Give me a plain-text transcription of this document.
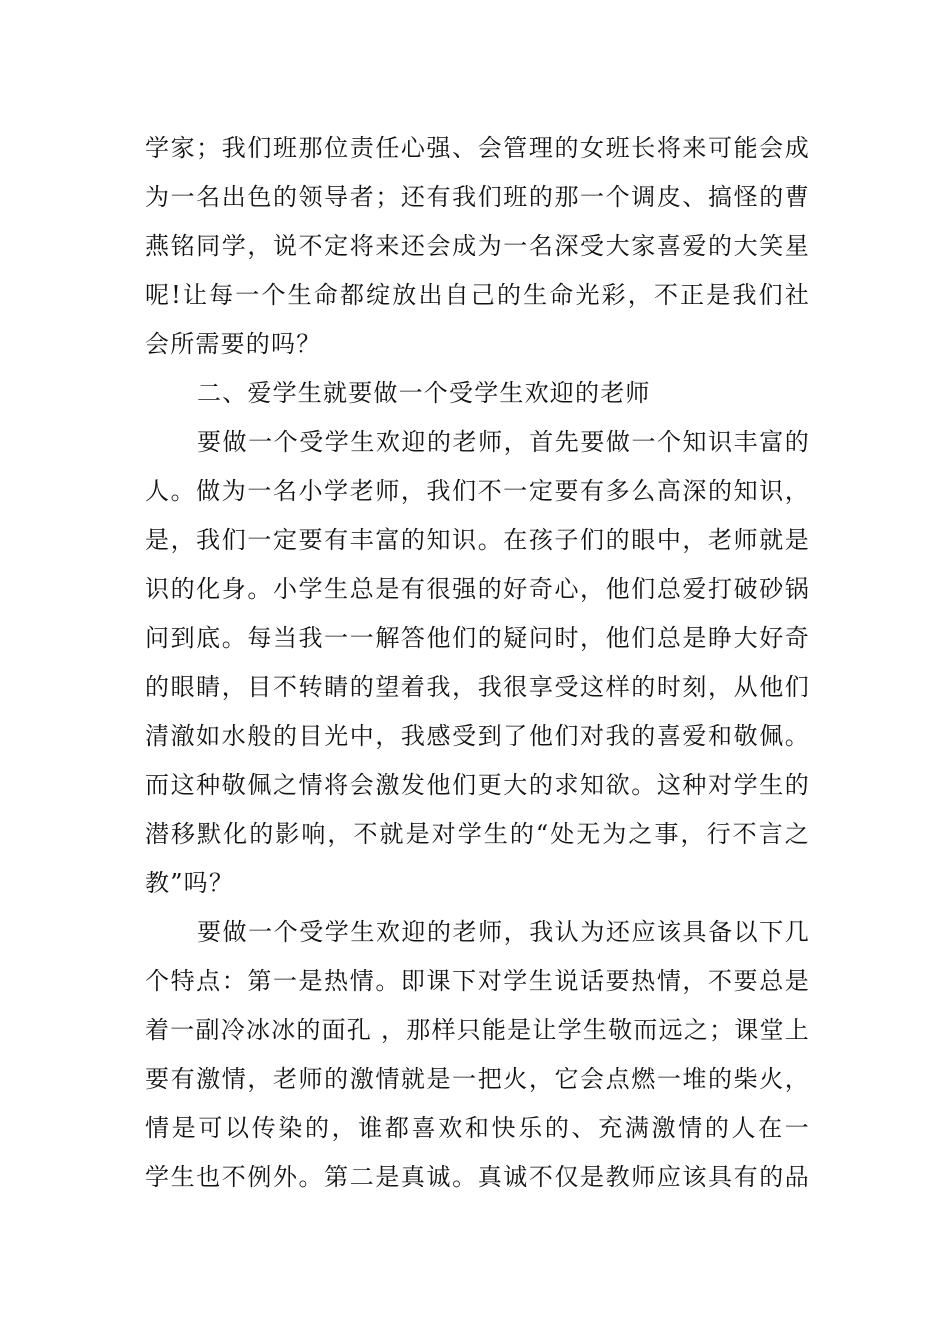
学家；我们班那位责任心强、会管理的女班长将来可能会成
为一名出色的领导者；还有我们班的那一个调皮、搞怪的曹
燕铭同学，说不定将来还会成为一名深受大家喜爱的大笑星
呢!让每一个生命都绽放出自己的生命光彩，不正是我们社
会所需要的吗？
二、爱学生就要做一个受学生欢迎的老师
要做一个受学生欢迎的老师，首先要做一个知识丰富的
人。做为一名小学老师，我们不一定要有多么高深的知识，
是，我们一定要有丰富的知识。在孩子们的眼中，老师就是
识的化身。小学生总是有很强的好奇心，他们总爱打破砂锅
问到底。每当我一一解答他们的疑问时，他们总是睁大好奇
的眼睛，目不转睛的望着我，我很享受这样的时刻，从他们
清澈如水般的目光中，我感受到了他们对我的喜爱和敬佩。
而这种敬佩之情将会激发他们更大的求知欲。这种对学生的
潜移默化的影响，不就是对学生的“处无为之事，行不言之
教”吗？
要做一个受学生欢迎的老师，我认为还应该具备以下几
个特点：第一是热情。即课下对学生说话要热情，不要总是
着一副冷冰冰的面孔 ，那样只能是让学生敬而远之；课堂上
要有激情，老师的激情就是一把火，它会点燃一堆的柴火，
情是可以传染的，谁都喜欢和快乐的、充满激情的人在一
学生也不例外。第二是真诚。真诚不仅是教师应该具有的品
